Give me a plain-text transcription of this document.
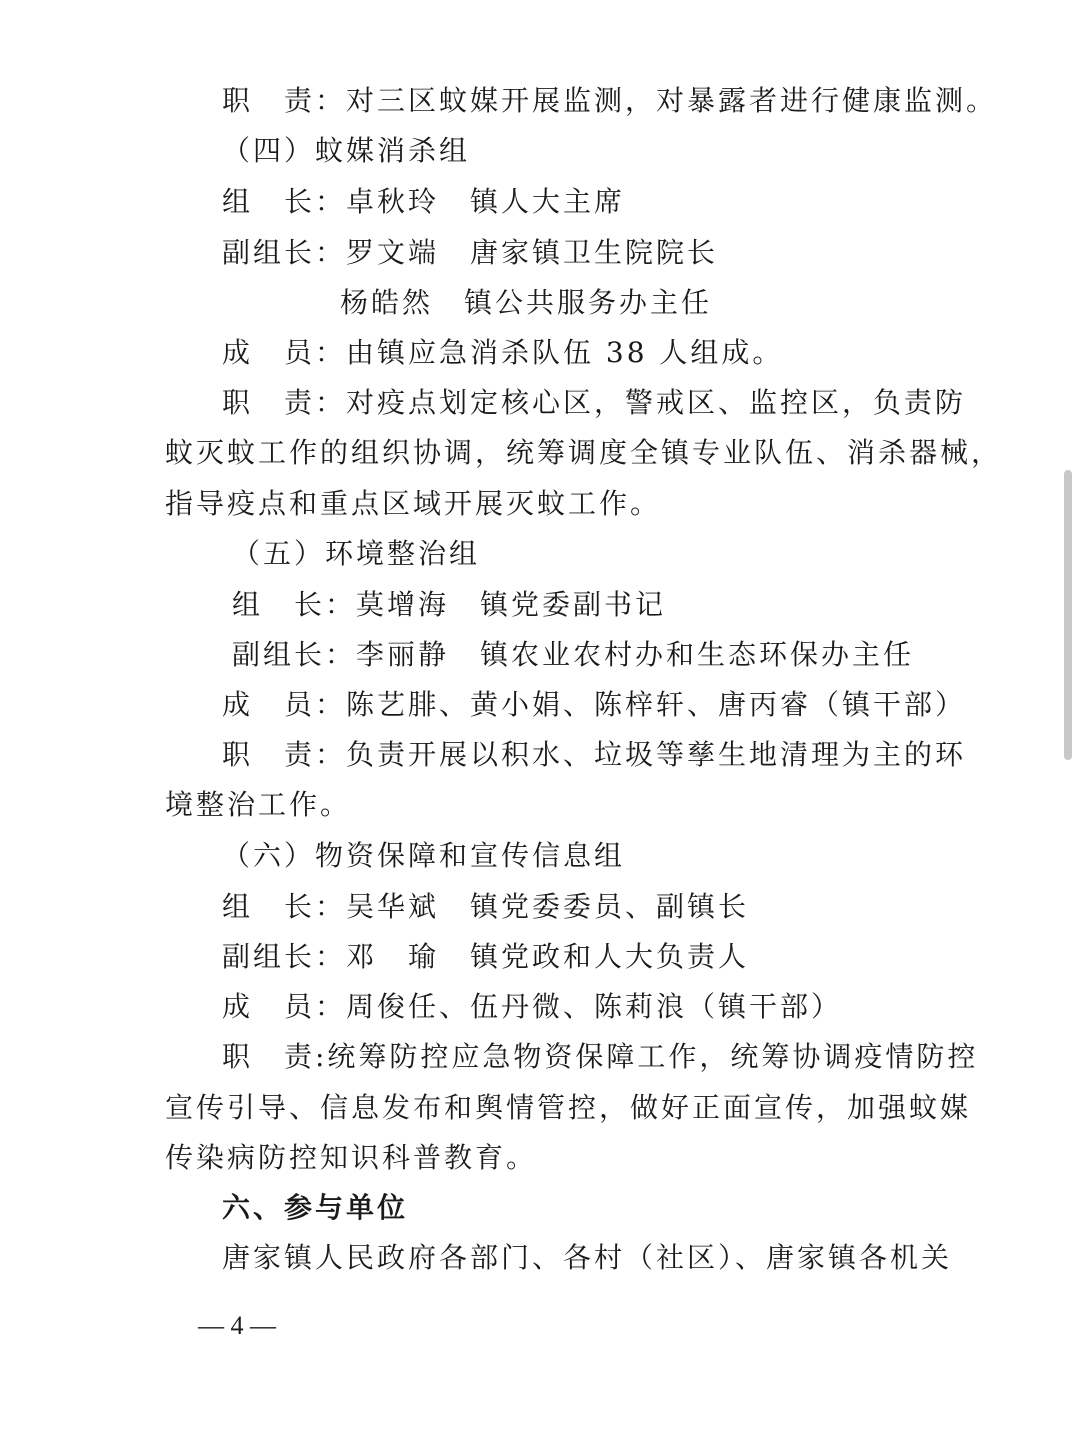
职　责：对三区蚊媒开展监测，对暴露者进行健康监测。
（四）蚊媒消杀组
组　长：卓秋玲　镇人大主席
副组长：罗文端　唐家镇卫生院院长
杨皓然　镇公共服务办主任
成　员：由镇应急消杀队伍 38 人组成。
职　责：对疫点划定核心区，警戒区、监控区，负责防
蚊灭蚊工作的组织协调，统筹调度全镇专业队伍、消杀器械，
指导疫点和重点区域开展灭蚊工作。
（五）环境整治组
组　长：莫增海　镇党委副书记
副组长：李丽静　镇农业农村办和生态环保办主任
成　员：陈艺腓、黄小娟、陈梓轩、唐丙睿（镇干部）
职　责：负责开展以积水、垃圾等孳生地清理为主的环
境整治工作。
（六）物资保障和宣传信息组
组　长：吴华斌　镇党委委员、副镇长
副组长：邓　瑜　镇党政和人大负责人
成　员：周俊任、伍丹微、陈莉浪（镇干部）
职　责:统筹防控应急物资保障工作，统筹协调疫情防控
宣传引导、信息发布和舆情管控，做好正面宣传，加强蚊媒
传染病防控知识科普教育。
六、参与单位
唐家镇人民政府各部门、各村（社区）、唐家镇各机关
— 4 —
